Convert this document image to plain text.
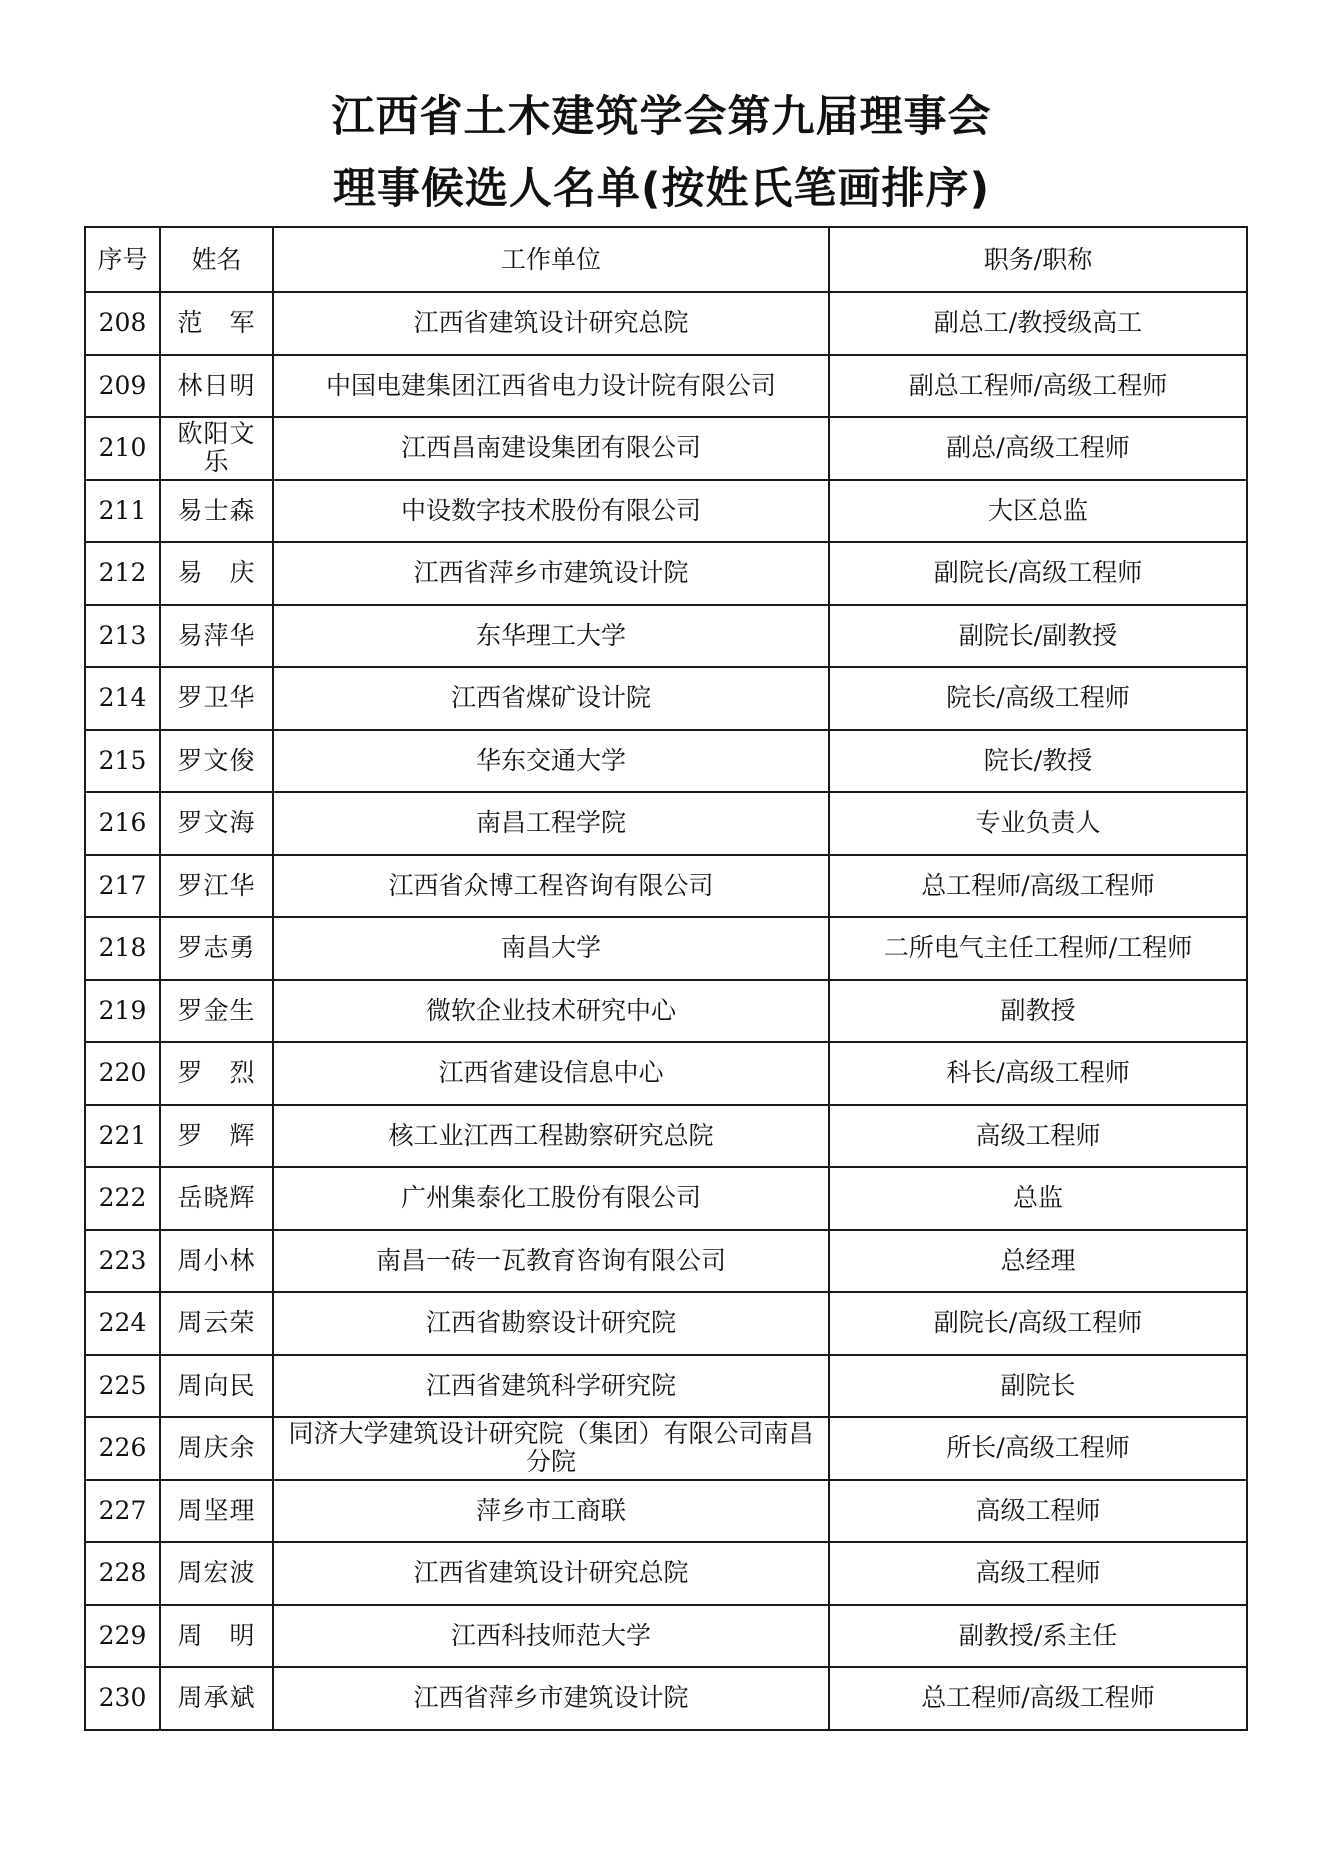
江西省土木建筑学会第九届理事会
理事候选人名单(按姓氏笔画排序)
序号	姓名	工作单位	职务/职称
208	范　军	江西省建筑设计研究总院	副总工/教授级高工
209	林日明	中国电建集团江西省电力设计院有限公司	副总工程师/高级工程师
210	欧阳文乐	江西昌南建设集团有限公司	副总/高级工程师
211	易士森	中设数字技术股份有限公司	大区总监
212	易　庆	江西省萍乡市建筑设计院	副院长/高级工程师
213	易萍华	东华理工大学	副院长/副教授
214	罗卫华	江西省煤矿设计院	院长/高级工程师
215	罗文俊	华东交通大学	院长/教授
216	罗文海	南昌工程学院	专业负责人
217	罗江华	江西省众博工程咨询有限公司	总工程师/高级工程师
218	罗志勇	南昌大学	二所电气主任工程师/工程师
219	罗金生	微软企业技术研究中心	副教授
220	罗　烈	江西省建设信息中心	科长/高级工程师
221	罗　辉	核工业江西工程勘察研究总院	高级工程师
222	岳晓辉	广州集泰化工股份有限公司	总监
223	周小林	南昌一砖一瓦教育咨询有限公司	总经理
224	周云荣	江西省勘察设计研究院	副院长/高级工程师
225	周向民	江西省建筑科学研究院	副院长
226	周庆余	同济大学建筑设计研究院（集团）有限公司南昌分院	所长/高级工程师
227	周坚理	萍乡市工商联	高级工程师
228	周宏波	江西省建筑设计研究总院	高级工程师
229	周　明	江西科技师范大学	副教授/系主任
230	周承斌	江西省萍乡市建筑设计院	总工程师/高级工程师
